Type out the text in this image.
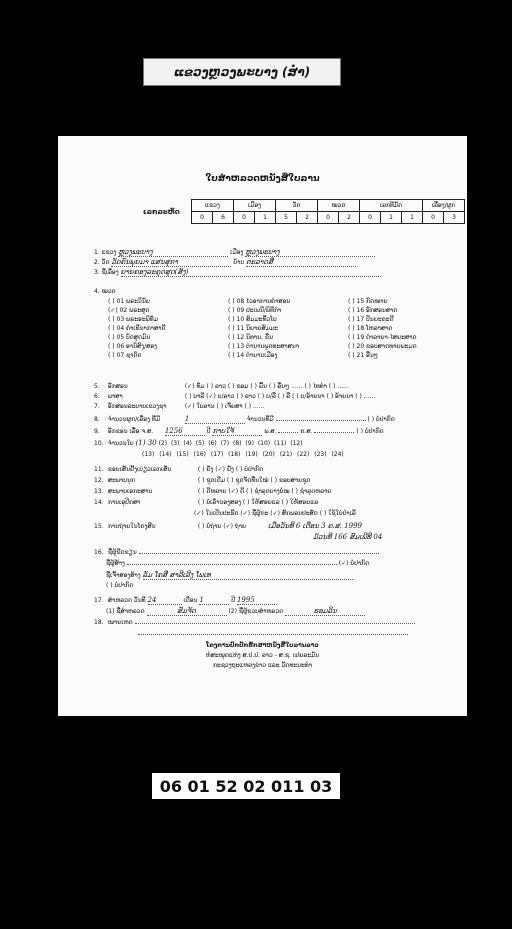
ແຂວງຫຼວງພະບາງ (ສຳ)
ໃບສຳຫລວດຫນັງສືໃບລານ
ເລກລະຫັດ
ແຂວງ		ເມືອງ		ວັດ		ໝວດ		ເລກທີມັດ			ເລື່ອງ/ຜູກ	
0	6	0	1	5	2	0	2	0	1	1	0	3
1. ແຂວງ ຫຼວງພະບາງ	ເມືອງ ຫຼວງພະບາງ
2. ວັດ ວັດຄົນພຸຍມາ ແສນສຸກາ	ບ້ານ ຕະລາດສື່
3. ຊື່ເລື່ອງ ຍາຍຄອງລະຄຸດສູດ(ສັງ)
4. ໝວດ
( ) 01 ພຣະວິນັຍ	( ) 08 ໄວອາການຄຳສອນ	( ) 15 ກົດໝາຍ
(✓) 02 ພຣະສູດ	( ) 09 ປະເພນີ/ພິທີກຳ	( ) 16 ອັກສອນສາດ
( ) 03 ພຣະອະພິທັມ	( ) 10 ສົມມະທີ່ວໂບ	( ) 17 ປັນຍະຄະດີ
( ) 04 ຄຳເທີນາກາສາດີ	( ) 11 ນິຍາຍສົມມະ	( ) 18 ໂຫລາສາດ
( ) 05 ບົດສູດມົນ	( ) 12 ນິທານ, ຂື່ນ	( ) 19 ດຳລາຍາ-ໄສຍະສາດ
( ) 06 ອານິສົງ/ສອງ	( ) 13 ຕຳນານພຸດທະສາສນາ	( ) 20 ຂອບສາດທາຍພະມດ
( ) 07 ຊາດົກ	( ) 14 ຕຳນານເມືອງ	( ) 21 ອື່ນໆ
5. ອັກສອນ	(✓) ທັມ ( ) ລາວ ( ) ຂອມ ( ) ພື້ນ ( ) ອື່ນໆ ...... ( ) ໄທທຳ ( ) ......
6. ພາສາ	( ) ບາລີ (✓) ບ/ລາວ ( ) ລາວ ( ) ບ/ລື ( ) ລື ( ) ບ/ອ້າຍນາ ( ) ອ້າຍນາ ( ) ......
7. ອັກສອນລະບາບເຂວງຊາ	(✓) ໃບລານ ( ) ເຈັ້ຍສາ ( ) ......
8. ຈຳນວນຜູກ/ເລື່ອງ ທີ່ມີ	1	ຈຳນວນທີ່ມີ	( ) ບໍ່ປາກົດ
9. ອັກຂອນ ເລື່ອ ຈ.ສ. 1256	ປີ ກາບໃຈ້	ພ.ສ.	ຄ.ສ.	( ) ບໍ່ປາກົດ
10. ຈຳນວນໃບ (1) 30 (2) (3) (4) (5) (6) (7) (8) (9) (10) (11) (12)
(13) (14) (15) (16) (17) (18) (19) (20) (21) (22) (23) (24)
11. ຂອບເສັ່ນຢັ້ງເບ່ຽວເລກເສັ່ນ	( ) ຍັ່ງ (✓) ຍັ່ງ ( ) ບໍ່ປາກົດ
12. ສະພາບນຸກ	( ) ຊຸດເດີມ ( ) ຊຸດຈັດທື່ນໃໝ່ ( ) ຂອບສາຍຊຸດ
13. ສະພາບເອກະສານ	( ) ດີຫລາຍ (✓) ດີ ( ) ຊຳລຸດບາງບໍ່ໝ ( ) ຊຳລຸດຫລາຍ
14. ການເອຸປີກສາ	( ) ບໍ່ເລົ່ານອງສອງ ( ) ໃຫ້ສອຍແລ ( ) ໃຫ້ສອຍແລ
(✓) ໃນເປັນປະຮີດ (✓) ຊື່ຜູ້ກະ (✓) ສັກພອນປະສັດ ( ) ໃຊ້ໃບ່ປ່າເລີ
15. ການຖ່າຍໃນໂຄງສີນ	( ) ບໍ່ຖ່າຍ (✓) ຖ່າຍ	ເມືອວັນທີ 6 ເດືອນ 3 ຄ.ສ. 1999
ມ້ວນທີ 166 ສົມເພີທີ 04
16. ຊື່ຜູ້ຂີດຂຽນ
ຊື່ຜູ້ສ້າງ	(✓) ບໍ່ປາກົດ
ຊື່ເຈົ້າສອງສ້າງ ລັມ ໂຄສື ສາລີເລີງ ໂພເທ
( ) ບໍ່ປາກົດ
17. ສຳຫລວດ ວັນທີ 24	ເດືອນ 1	ປີ 1995
(1) ຊື່ສຳຫລວດ	ສົມຈັດ	(2) ຊື່ຜູ້ຂວບສຳຫລວດ	ຮອມລິນ
18. ໝາຍເຫດ
ໂຄງການປົກປັກຮັກສາຫນັງສືໃບລານລາວ
ຫໍສະໝຸດແຫ່ງ ສ.ປ.ປ. ລາວ - ສ.ຊ. ເຢຍລະມັນ
ກະຊວງຖະແຫລງຂ່າວ ແລະ ວັດທະນະທຳ
06 01 52 02 011 03
